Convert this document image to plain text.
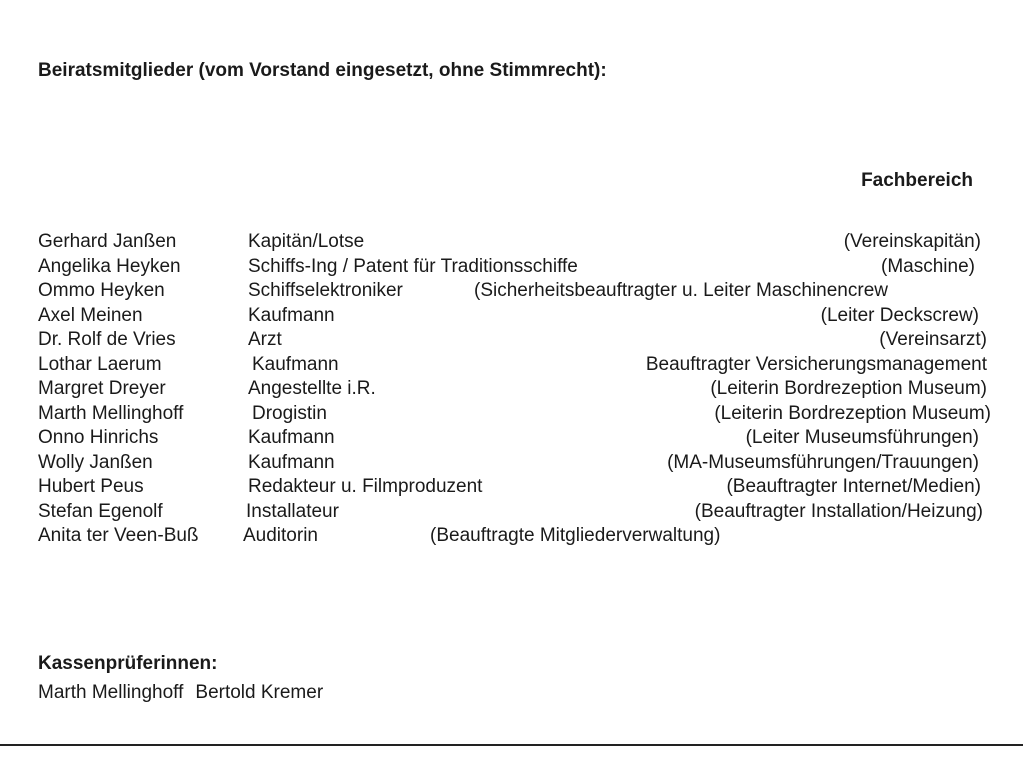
Beiratsmitglieder (vom Vorstand eingesetzt, ohne Stimmrecht):
Fachbereich
Gerhard Janßen	Kapitän/Lotse	(Vereinskapitän)
Angelika Heyken	Schiffs-Ing / Patent für Traditionsschiffe	(Maschine)
Ommo Heyken	Schiffselektroniker	(Sicherheitsbeauftragter u. Leiter Maschinencrew
Axel Meinen	Kaufmann	(Leiter Deckscrew)
Dr. Rolf de Vries	Arzt	(Vereinsarzt)
Lothar Laerum	Kaufmann	Beauftragter Versicherungsmanagement
Margret Dreyer	Angestellte i.R.	(Leiterin Bordrezeption Museum)
Marth Mellinghoff	Drogistin	(Leiterin Bordrezeption Museum)
Onno Hinrichs	Kaufmann	(Leiter Museumsführungen)
Wolly Janßen	Kaufmann	(MA-Museumsführungen/Trauungen)
Hubert Peus	Redakteur u. Filmproduzent	(Beauftragter Internet/Medien)
Stefan Egenolf	Installateur	(Beauftragter Installation/Heizung)
Anita ter Veen-Buß Auditorin	(Beauftragte Mitgliederverwaltung)
Kassenprüferinnen:
Marth Mellinghoff Bertold Kremer
